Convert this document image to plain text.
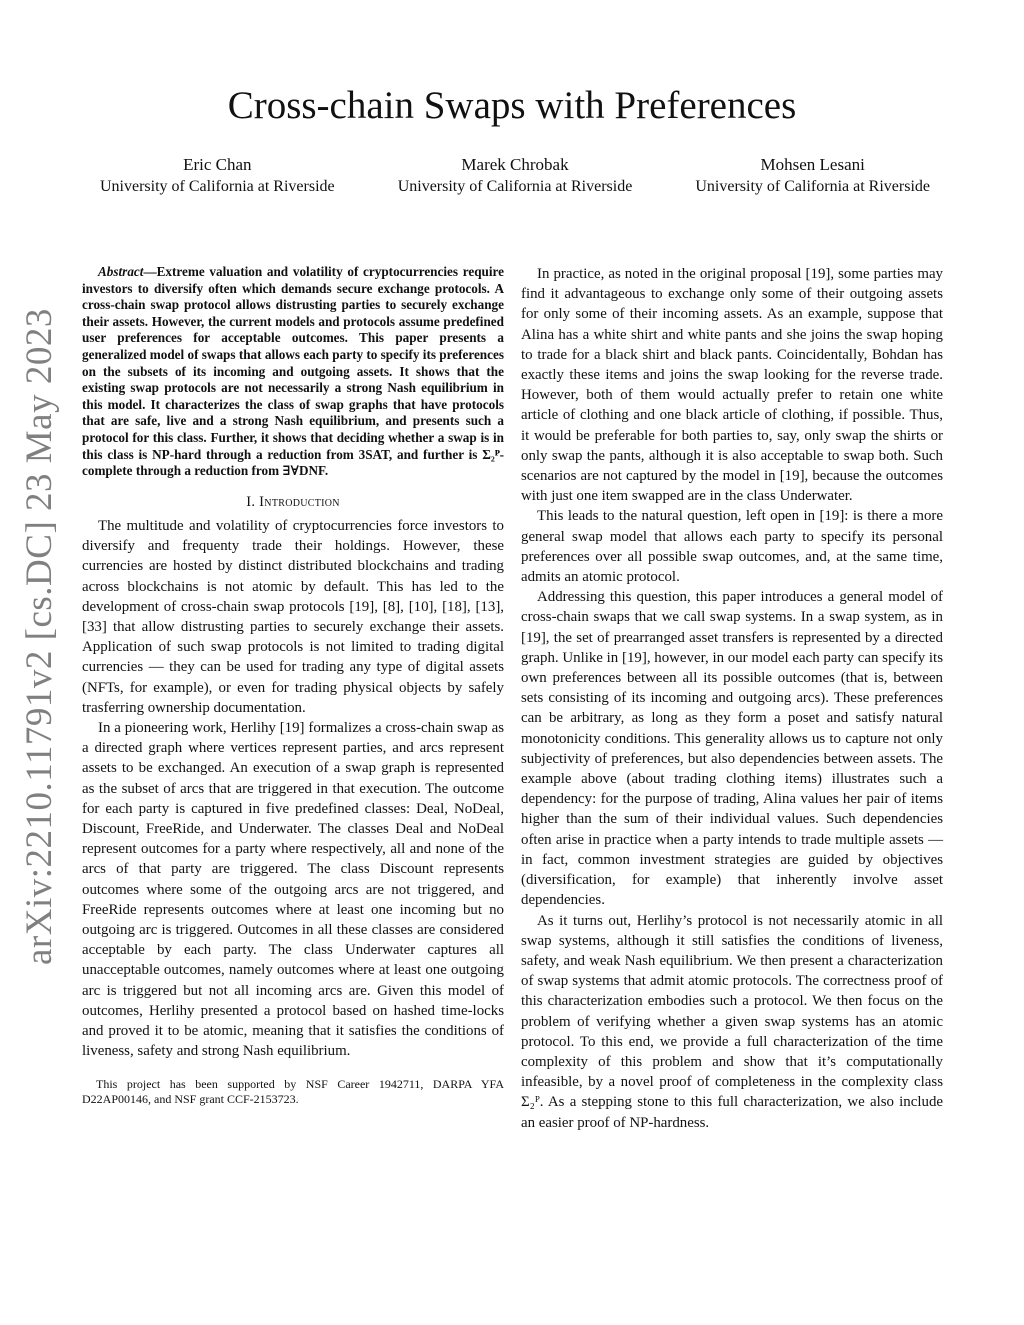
arXiv:2210.11791v2 [cs.DC] 23 May 2023
Cross-chain Swaps with Preferences
Eric Chan
University of California at Riverside
Marek Chrobak
University of California at Riverside
Mohsen Lesani
University of California at Riverside

Abstract—Extreme valuation and volatility of cryptocurrencies require investors to diversify often which demands secure exchange protocols. A cross-chain swap protocol allows distrusting parties to securely exchange their assets. However, the current models and protocols assume predefined user preferences for acceptable outcomes. This paper presents a generalized model of swaps that allows each party to specify its preferences on the subsets of its incoming and outgoing assets. It shows that the existing swap protocols are not necessarily a strong Nash equilibrium in this model. It characterizes the class of swap graphs that have protocols that are safe, live and a strong Nash equilibrium, and presents such a protocol for this class. Further, it shows that deciding whether a swap is in this class is NP-hard through a reduction from 3SAT, and further is Σ₂ᴾ-complete through a reduction from ∃∀DNF.

I. Introduction

The multitude and volatility of cryptocurrencies force investors to diversify and frequenty trade their holdings. However, these currencies are hosted by distinct distributed blockchains and trading across blockchains is not atomic by default. This has led to the development of cross-chain swap protocols [19], [8], [10], [18], [13], [33] that allow distrusting parties to securely exchange their assets. Application of such swap protocols is not limited to trading digital currencies — they can be used for trading any type of digital assets (NFTs, for example), or even for trading physical objects by safely trasferring ownership documentation.

In a pioneering work, Herlihy [19] formalizes a cross-chain swap as a directed graph where vertices represent parties, and arcs represent assets to be exchanged. An execution of a swap graph is represented as the subset of arcs that are triggered in that execution. The outcome for each party is captured in five predefined classes: Deal, NoDeal, Discount, FreeRide, and Underwater. The classes Deal and NoDeal represent outcomes for a party where respectively, all and none of the arcs of that party are triggered. The class Discount represents outcomes where some of the outgoing arcs are not triggered, and FreeRide represents outcomes where at least one incoming but no outgoing arc is triggered. Outcomes in all these classes are considered acceptable by each party. The class Underwater captures all unacceptable outcomes, namely outcomes where at least one outgoing arc is triggered but not all incoming arcs are. Given this model of outcomes, Herlihy presented a protocol based on hashed time-locks and proved it to be atomic, meaning that it satisfies the conditions of liveness, safety and strong Nash equilibrium.

This project has been supported by NSF Career 1942711, DARPA YFA D22AP00146, and NSF grant CCF-2153723.

In practice, as noted in the original proposal [19], some parties may find it advantageous to exchange only some of their outgoing assets for only some of their incoming assets. As an example, suppose that Alina has a white shirt and white pants and she joins the swap hoping to trade for a black shirt and black pants. Coincidentally, Bohdan has exactly these items and joins the swap looking for the reverse trade. However, both of them would actually prefer to retain one white article of clothing and one black article of clothing, if possible. Thus, it would be preferable for both parties to, say, only swap the shirts or only swap the pants, although it is also acceptable to swap both. Such scenarios are not captured by the model in [19], because the outcomes with just one item swapped are in the class Underwater.

This leads to the natural question, left open in [19]: is there a more general swap model that allows each party to specify its personal preferences over all possible swap outcomes, and, at the same time, admits an atomic protocol.

Addressing this question, this paper introduces a general model of cross-chain swaps that we call swap systems. In a swap system, as in [19], the set of prearranged asset transfers is represented by a directed graph. Unlike in [19], however, in our model each party can specify its own preferences between all its possible outcomes (that is, between sets consisting of its incoming and outgoing arcs). These preferences can be arbitrary, as long as they form a poset and satisfy natural monotonicity conditions. This generality allows us to capture not only subjectivity of preferences, but also dependencies between assets. The example above (about trading clothing items) illustrates such a dependency: for the purpose of trading, Alina values her pair of items higher than the sum of their individual values. Such dependencies often arise in practice when a party intends to trade multiple assets — in fact, common investment strategies are guided by objectives (diversification, for example) that inherently involve asset dependencies.

As it turns out, Herlihy’s protocol is not necessarily atomic in all swap systems, although it still satisfies the conditions of liveness, safety, and weak Nash equilibrium. We then present a characterization of swap systems that admit atomic protocols. The correctness proof of this characterization embodies such a protocol. We then focus on the problem of verifying whether a given swap systems has an atomic protocol. To this end, we provide a full characterization of the time complexity of this problem and show that it’s computationally infeasible, by a novel proof of completeness in the complexity class Σ₂ᴾ. As a stepping stone to this full characterization, we also include an easier proof of NP-hardness.
